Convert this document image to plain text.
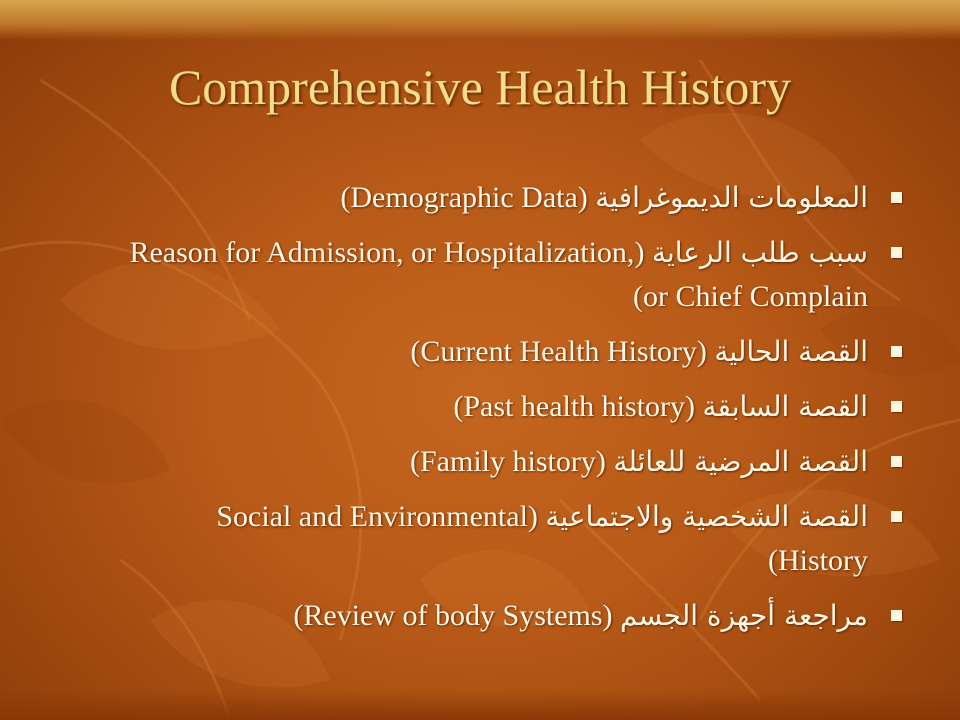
Comprehensive Health History
المعلومات الديموغرافية (Demographic Data)
سبب طلب الرعاية (Reason for Admission, or Hospitalization, or Chief Complain)
القصة الحالية (Current Health History)
القصة السابقة (Past health history)
القصة المرضية للعائلة (Family history)
القصة الشخصية والاجتماعية (Social and Environmental History)
مراجعة أجهزة الجسم (Review of body Systems)
